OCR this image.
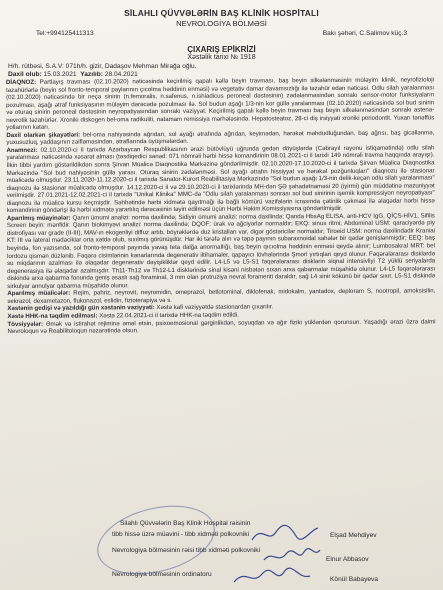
SİLAHLI QÜVVƏLƏRİN BAŞ KLİNİK HOSPİTALI
NEVROLOGİYA BÖLMƏSİ
Tel:+994125411313	Bakı şəhəri, C.Salimov küç.3
ÇIXARIŞ EPİKRİZİ
Xəstəlik tarixi № 1918
H/h. rütbəsi, S.A.V: 071h/h. gizir, Dadaşov Mehman Mirağa oğlu.
Daxil olub: 15.03.2021 Yazılıb: 28.04.2021

DİAQNOZ: Partlayış travması (02.10.2020) nəticəsində keçirilmiş qapalı kəllə beyin travması, baş beyin silkələnməsinin müləyim klinik, neyrofizioloji təzahürlərlə (beyin sol fronto-temporal paylarının çıcolma həddinin enməsi) və vegetativ damar davamsızlığı ilə təzahür edən nəticəsi. Odlu silah yaralanması (02.10.2020) nəticəsində bir neçə sinirin (n.femoralis, n.safenus, n.ishiadicus peroneal dəstəsinin) zədələnməsindən sonrakı sensor-motor funksiyaların pozulması, aşağı ətraf funksiyasının müləyim dərəcədə pozulması ilə. Sol budun aşağı 1/3-nin kor güllə yaralanması (02.10.2020) nəticəsində sol bud sinirin və oturaq sinirin peroneal dəstəsinin neyropatiyasından sonrakı vəziyyət. Keçirilmiş qapalı kəllə beyin travması baş beyin silkələnməsindən sonrakı astena-nevrotik təzahürlər. Xroniki diskogen bel-oma radikuliti, natamam remissiya mərhələsində. Hepatosteatoz, 28-ci diş irsiyyəti xroniki periodontit. Yuxarı tənəffüs yollarının katarı.

Daxil olarkən şikayətləri: bel-oma nahiyəsində ağrıdan, sol ayağı ətrafında ağrıdan, keyimədən, hərəkət məhdudluğundan, baş ağrısı, baş gicəllənmə, yuxusuzluq, yaddaşının zəifləməsindən, ətraflarında üyüşmələrdən.

Anamnezi: 02.10.2020-ci il tarixdə Azərbaycan Respublikasının ərazi bütövlüyü uğrunda gedən döyüşlərdə (Cəbrayıl rayonu istiqamətində) odlu silah yaralanması nəticəsində xəsarət alması (təsdiqedici sənəd: 071 nömrəli hərbi hissə komandirinin 08.01.2021-ci il tarixli 149 nömrəli travma haqqında arayışı). İlkin tibbi yardım göstərildikdən sonra Şirvan Müalicə Diaqnostika Mərkəzinə göndərilmişdir. 02.10.2020-17.10.2020-ci il tarixdə Şirvan Müalicə Diaqnostika Mərkəzində "Sol bud nahiyəsinin güllə yarası. Oturaq sinirin zədələnməsi. Sol ayağı ətrafın hissiyyat və hərəkət pozğunluqları" diaqnozu ilə stasionar müalicədə olmuşdur. 23.11.2020-11.12.2020-ci il tarixdə Sanator-Kurort Reabilitasiya Mərkəzində "Sol budun aşağı 1/3-nin delik-keçən odlu silah yaralanması" diaqnozu ilə stasionar müalicədə olmuşdur. 14.12.2020-ci il və 29.10.2020-ci il tarixlərində MH-dən ŞƏ şəhadətnaməsi 20 (iyirmi) gün müddətinə məzuniyyət verilmişdir. 27.01.2021-12.02.2021-ci il tarixdə "Unikal Klinika" MMC-də "Odlu silah yaralanması sonrası sol bud sinirinin işemik kompressiyon neyropatiyası" diaqnozu ilə müalicə kursu keçmişdir. Səhhətində hərbi xidmətə qayıtmağı ilə bağlı kömürü vəzifələrin icrasında çətinlik çəkməsi ilə əlaqədar hərbi hissə komandirinin göndərişi ilə hərbi xidmətə yararlılıq dərəcəsinin təyin edilməsi üçün Hərbi Həkim Komissiyasına göndərilmişdir.

Aparılmış müayinələr: Qanın ümumi analizi: norma daxilində; Sidiyin ümumi analizi: norma daxilində; Qanda HbsAg ELISA, anti-HCV IgG, QİÇS-HİV1, Sifilis Screen beyin: mənfidir. Qanın biokimyəvi analizi: norma daxilində; DQOF: ürək və ağciyərlər normaldır; EKQ: sinus ritmi; Abdominal USM: qaraciyərdə piy distrofiyası var grade (II-III), MAV-ın ekogenliyi diffuz artıb, böyrəklərdə duz kristalları var, digər göstəricilər normaldır; Tiroeid USM: norma daxilindədir Kraniai KT: III və lateral mədəciklər orta xətdə olub, sıxılmış görünüşdür. Har iki tərəfə alın və təpə payının subaraxnoidal sahələr bir qədər genişlənmişdir; EEQ: baş beyində, fon yazısında, sol fronto-temporal payında yavaş teta dalğa anormallığı, baş beyin qıcıolma həddinin enməsi qeydə alınır; Lumbosakral MRT: bel lordozu qismən düzlənib. Fəqərə cisimlərinin kənarlarında degenerativ iltihaməler, qapayıcı lövhələrində Şmorl yırtıqları qeyd olunur. Fəqərələrarası disklərdə su miqdarının azalması ilə əlaqədar degenerativ dəyişikliklər qeyd edilir. L4-L5 və L5-S1 fəqərələrarası disklərin siqnal intensivliyi T2 yüklü seriyalarda degenerasiya ilə əlaqədar azalmışdır. Th11-Th12 və Th12-L1 disklərində sinal kisəni nisbətən sıxan arxa qabarmalar müşahidə olunur. L4-L5 fəqərələrarası diskində arxa qabarma fonunda geniş əsaslı sağ foraminal, 3 mm olan protruziya nevral foramenti daraldır, sağ L4 sinir kökünü bir qədər sıxır. L5-S1 diskində sirkulyar annulyar qabarma müşahidə olunur.

Aparılmış müalicələr: Rejim, pəhriz, neyrovit, neyromidin, omeprazol, betlotominal, diklofenak, midokalm, yantadox, deploram S, nootropil, amoksisilin, sekrazol, dexametazon, flukonazol, eslidin, fizioterapiya və s.

Xəstənin gedişi və yazıldığı gün xəstənin vəziyyəti: Xəstə kafi vəziyyətdə stasionardan çıxarılır.

Xəstə HHK-na təqdim edilməsi: Xəstə 22.04.2021-ci il tarixdə HHK-na təqdim edildi.

Tövsiyyələr: Əmək və istirahət rejiminə əməl etsin, psixoemosional gərginlikdən, soyuqdan və ağır fiziki yüklərdən qorunsun. Yaşadığı ərazi üzrə daimi Nevroloqun və Reabilitoloqun nəzarətində olsun.

Silahlı Qüvvələrin Baş Klinik Hospital rəisinin
tibb hissə üzrə müavini - tibb xidməti polkovniki	Elşad Mehdiyev
Nevrologiya bölməsinin rəisi tibb xidməti polkovniki
Elnur Abbasov
Nevrologiya bölməsinin ordinatoru
Könül Babayeva
